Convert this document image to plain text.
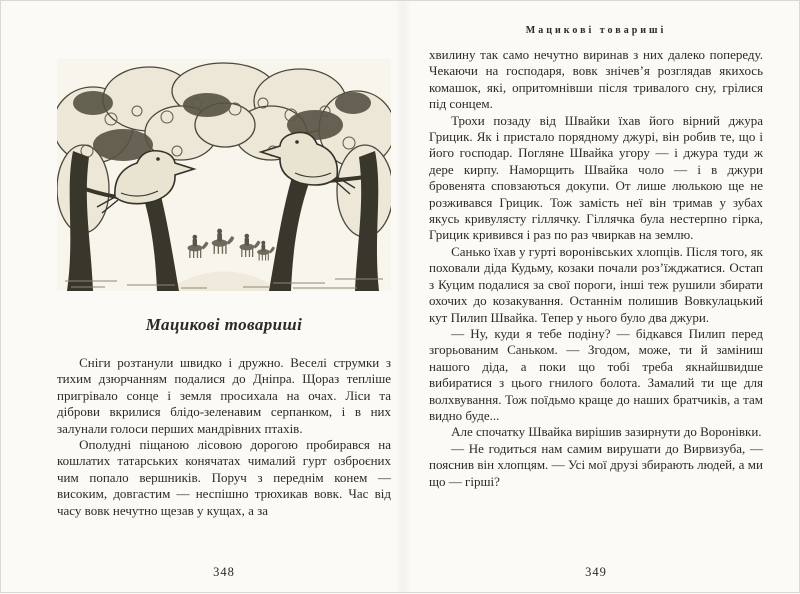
Мацикові товариші

Сніги розтанули швидко і дружно. Веселі струмки з тихим дзюрчанням подалися до Дніпра. Щораз тепліше пригрівало сонце і земля просихала на очах. Ліси та діброви вкрилися блідо-зеленавим серпанком, і в них залунали голоси перших мандрівних птахів.

Ополудні піщаною лісовою дорогою пробирався на кошлатих татарських конячатах чималий гурт озброєних чим попало вершників. Поруч з переднім конем — високим, довгастим — неспішно трюхикав вовк. Час від часу вовк нечутно щезав у кущах, а за

348
Мацикові товариші

хвилину так само нечутно виринав з них далеко попереду. Чекаючи на господаря, вовк знічев’я розглядав якихось комашок, які, опритомнівши після тривалого сну, грілися під сонцем.

Трохи позаду від Швайки їхав його вірний джура Грицик. Як і пристало порядному джурі, він робив те, що і його господар. Погляне Швайка угору — і джура туди ж дере кирпу. Наморщить Швайка чоло — і в джури бровенята сповзаються докупи. От лише люлькою ще не розживався Грицик. Тож замість неї він тримав у зубах якусь кривулясту гіллячку. Гіллячка була нестерпно гірка, Грицик кривився і раз по раз чвиркав на землю.

Санько їхав у гурті воронівських хлопців. Після того, як поховали діда Кудьму, козаки почали роз’їжджатися. Остап з Куцим подалися за свої пороги, інші теж рушили збирати охочих до козакування. Останнім полишив Вовкулацький кут Пилип Швайка. Тепер у нього було два джури.

— Ну, куди я тебе подіну? — бідкався Пилип перед згорьованим Саньком. — Згодом, може, ти й заміниш нашого діда, а поки що тобі треба якнайшвидше вибиратися з цього гнилого болота. Замалий ти ще для волхвування. Тож поїдьмо краще до наших братчиків, а там видно буде...

Але спочатку Швайка вирішив зазирнути до Воронівки.

— Не годиться нам самим вирушати до Вирвизуба, — пояснив він хлопцям. — Усі мої друзі збирають людей, а ми що — гірші?

349
